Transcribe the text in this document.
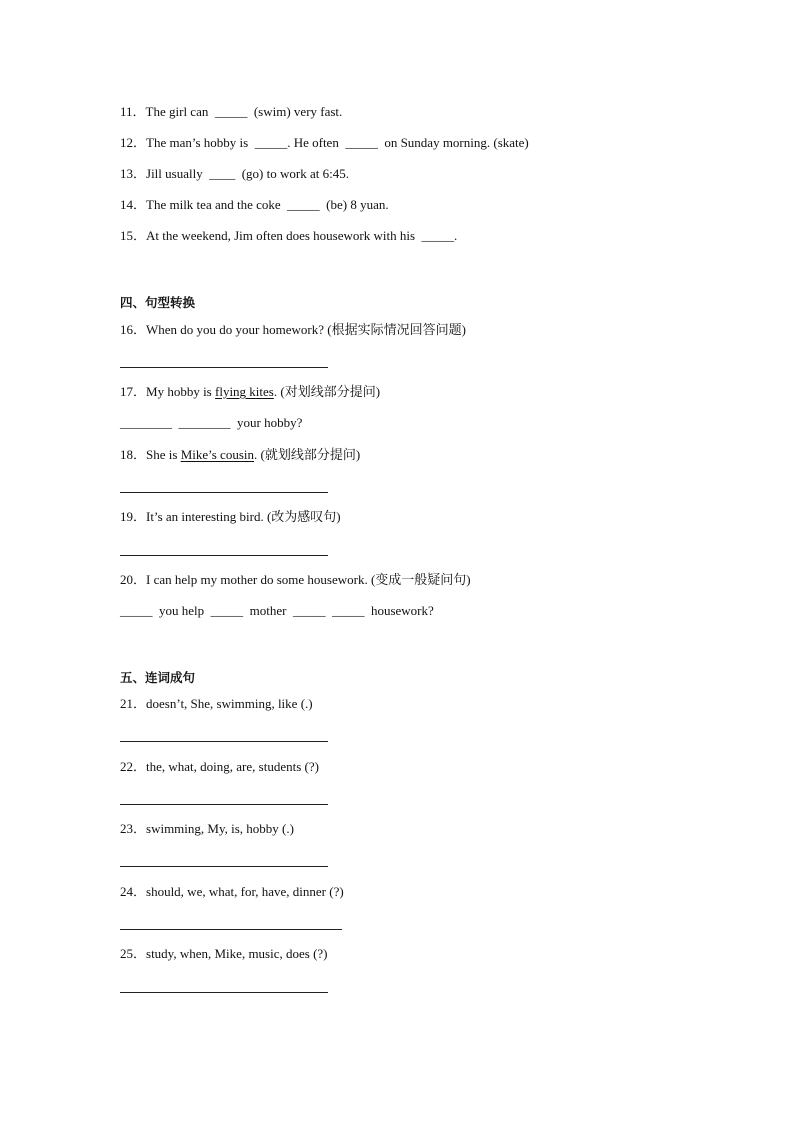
11．The girl can  _____  (swim) very fast.
12．The man’s hobby is  _____. He often  _____  on Sunday morning. (skate)
13．Jill usually  ____  (go) to work at 6:45.
14．The milk tea and the coke  _____  (be) 8 yuan.
15．At the weekend, Jim often does housework with his  _____.
四、句型转换
16．When do you do your homework? (根据实际情况回答问题)
17．My hobby is flying kites. (对划线部分提问)
________  ________  your hobby?
18．She is Mike’s cousin. (就划线部分提问)
19．It’s an interesting bird. (改为感叹句)
20．I can help my mother do some housework. (变成一般疑问句)
_____  you help  _____  mother  _____  _____  housework?
五、连词成句
21．doesn’t, She, swimming, like (.)
22．the, what, doing, are, students (?)
23．swimming, My, is, hobby (.)
24．should, we, what, for, have, dinner (?)
25．study, when, Mike, music, does (?)
